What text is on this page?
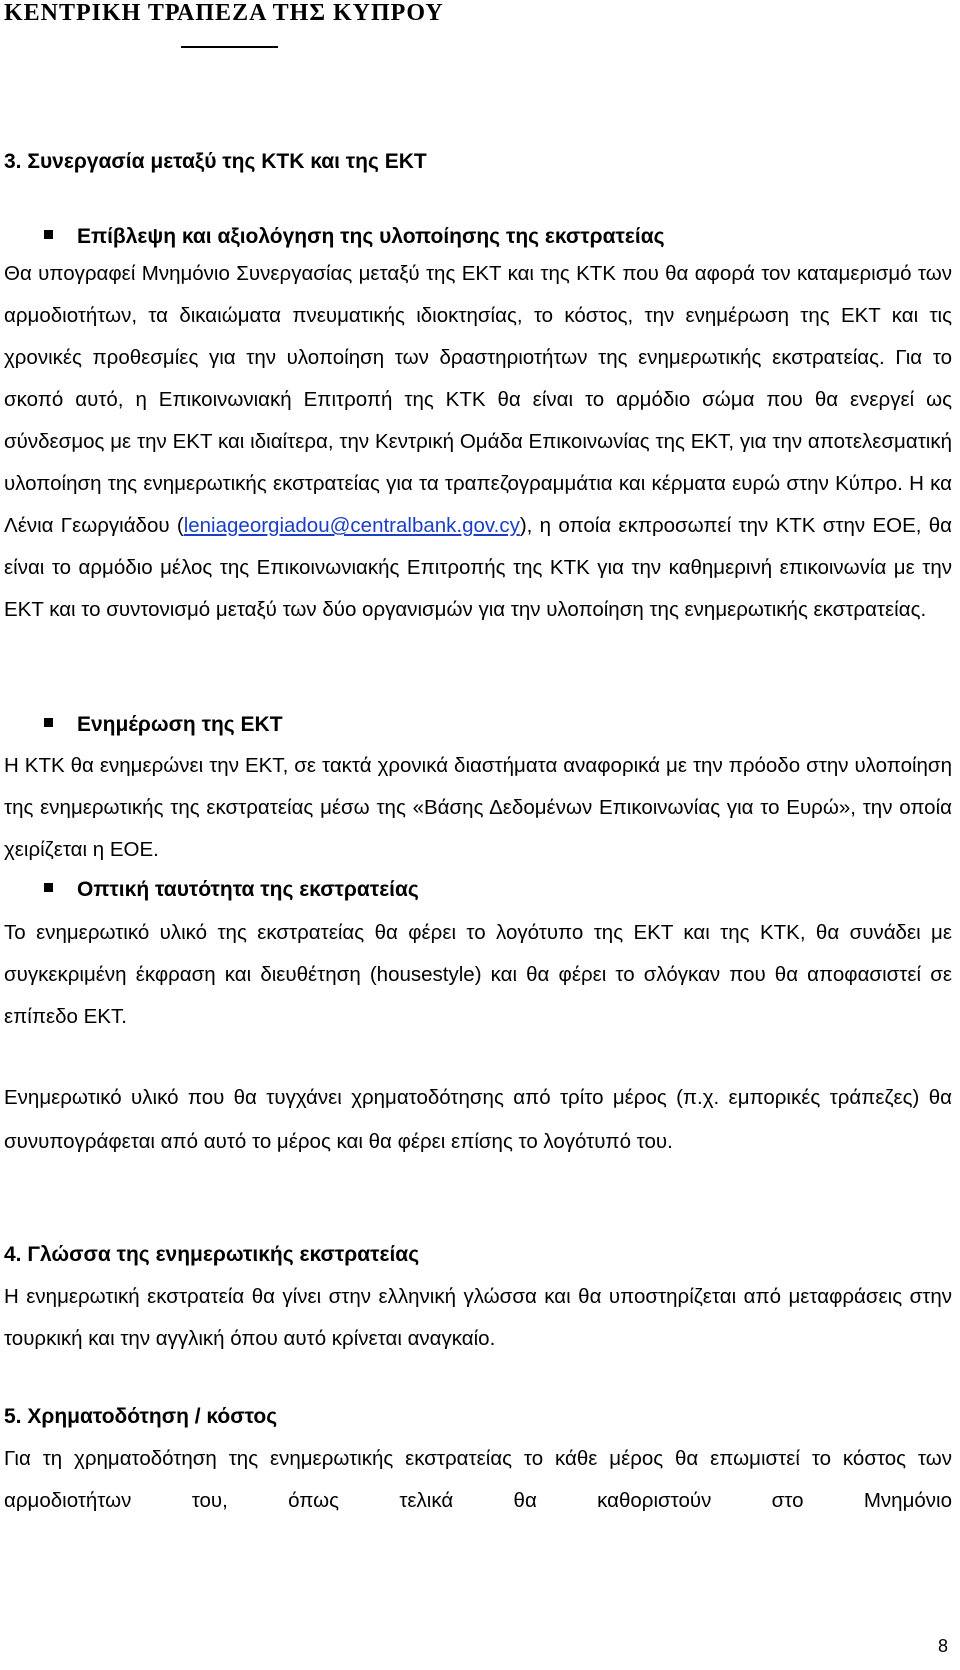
ΚΕΝΤΡΙΚΗ ΤΡΑΠΕΖΑ ΤΗΣ ΚΥΠΡΟΥ
3. Συνεργασία μεταξύ της ΚΤΚ και της ΕΚΤ
Επίβλεψη και αξιολόγηση της υλοποίησης της εκστρατείας

Θα υπογραφεί Μνημόνιο Συνεργασίας μεταξύ της ΕΚΤ και της ΚΤΚ που θα αφορά τον καταμερισμό των αρμοδιοτήτων, τα δικαιώματα πνευματικής ιδιοκτησίας, το κόστος, την ενημέρωση της ΕΚΤ και τις χρονικές προθεσμίες για την υλοποίηση των δραστηριοτήτων της ενημερωτικής εκστρατείας. Για το σκοπό αυτό, η Επικοινωνιακή Επιτροπή της ΚΤΚ θα είναι το αρμόδιο σώμα που θα ενεργεί ως σύνδεσμος με την ΕΚΤ και ιδιαίτερα, την Κεντρική Ομάδα Επικοινωνίας της ΕΚΤ, για την αποτελεσματική υλοποίηση της ενημερωτικής εκστρατείας για τα τραπεζογραμμάτια και κέρματα ευρώ στην Κύπρο. Η κα Λένια Γεωργιάδου (leniageorgiadou@centralbank.gov.cy), η οποία εκπροσωπεί την ΚΤΚ στην ΕΟΕ, θα είναι το αρμόδιο μέλος της Επικοινωνιακής Επιτροπής της ΚΤΚ για την καθημερινή επικοινωνία με την ΕΚΤ και το συντονισμό μεταξύ των δύο οργανισμών για την υλοποίηση της ενημερωτικής εκστρατείας.

Ενημέρωση της ΕΚΤ

Η ΚΤΚ θα ενημερώνει την ΕΚΤ, σε τακτά χρονικά διαστήματα αναφορικά με την πρόοδο στην υλοποίηση της ενημερωτικής της εκστρατείας μέσω της «Βάσης Δεδομένων Επικοινωνίας για το Ευρώ», την οποία χειρίζεται η ΕΟΕ.

Οπτική ταυτότητα της εκστρατείας

Το ενημερωτικό υλικό της εκστρατείας θα φέρει το λογότυπο της ΕΚΤ και της ΚΤΚ, θα συνάδει με συγκεκριμένη έκφραση και διευθέτηση (housestyle) και θα φέρει το σλόγκαν που θα αποφασιστεί σε επίπεδο ΕΚΤ.

Ενημερωτικό υλικό που θα τυγχάνει χρηματοδότησης από τρίτο μέρος (π.χ. εμπορικές τράπεζες) θα συνυπογράφεται από αυτό το μέρος και θα φέρει επίσης το λογότυπό του.

4. Γλώσσα της ενημερωτικής εκστρατείας

Η ενημερωτική εκστρατεία θα γίνει στην ελληνική γλώσσα και θα υποστηρίζεται από μεταφράσεις στην τουρκική και την αγγλική όπου αυτό κρίνεται αναγκαίο.

5. Χρηματοδότηση / κόστος

Για τη χρηματοδότηση της ενημερωτικής εκστρατείας το κάθε μέρος θα επωμιστεί το κόστος των αρμοδιοτήτων του, όπως τελικά θα καθοριστούν στο Μνημόνιο

8
